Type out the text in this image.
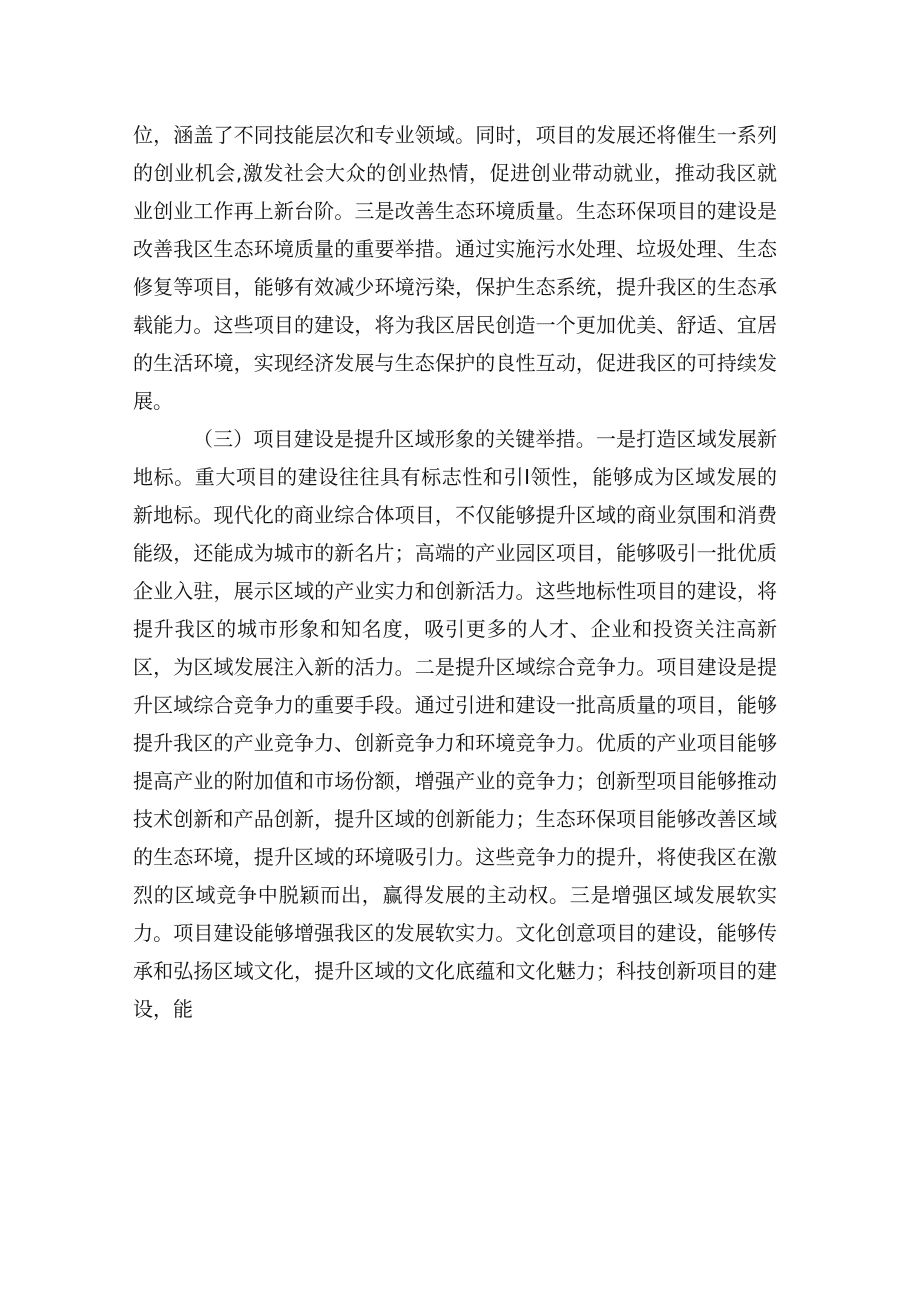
位，涵盖了不同技能层次和专业领域。同时，项目的发展还将催生一系列的创业机会,激发社会大众的创业热情，促进创业带动就业，推动我区就业创业工作再上新台阶。三是改善生态环境质量。生态环保项目的建设是改善我区生态环境质量的重要举措。通过实施污水处理、垃圾处理、生态修复等项目，能够有效减少环境污染，保护生态系统，提升我区的生态承载能力。这些项目的建设，将为我区居民创造一个更加优美、舒适、宜居的生活环境，实现经济发展与生态保护的良性互动，促进我区的可持续发展。

（三）项目建设是提升区域形象的关键举措。一是打造区域发展新地标。重大项目的建设往往具有标志性和引I领性，能够成为区域发展的新地标。现代化的商业综合体项目，不仅能够提升区域的商业氛围和消费能级，还能成为城市的新名片；高端的产业园区项目，能够吸引一批优质企业入驻，展示区域的产业实力和创新活力。这些地标性项目的建设，将提升我区的城市形象和知名度，吸引更多的人才、企业和投资关注高新区，为区域发展注入新的活力。二是提升区域综合竞争力。项目建设是提升区域综合竞争力的重要手段。通过引进和建设一批高质量的项目，能够提升我区的产业竞争力、创新竞争力和环境竞争力。优质的产业项目能够提高产业的附加值和市场份额，增强产业的竞争力；创新型项目能够推动技术创新和产品创新，提升区域的创新能力；生态环保项目能够改善区域的生态环境，提升区域的环境吸引力。这些竞争力的提升，将使我区在激烈的区域竞争中脱颖而出，赢得发展的主动权。三是增强区域发展软实力。项目建设能够增强我区的发展软实力。文化创意项目的建设，能够传承和弘扬区域文化，提升区域的文化底蕴和文化魅力；科技创新项目的建设，能
